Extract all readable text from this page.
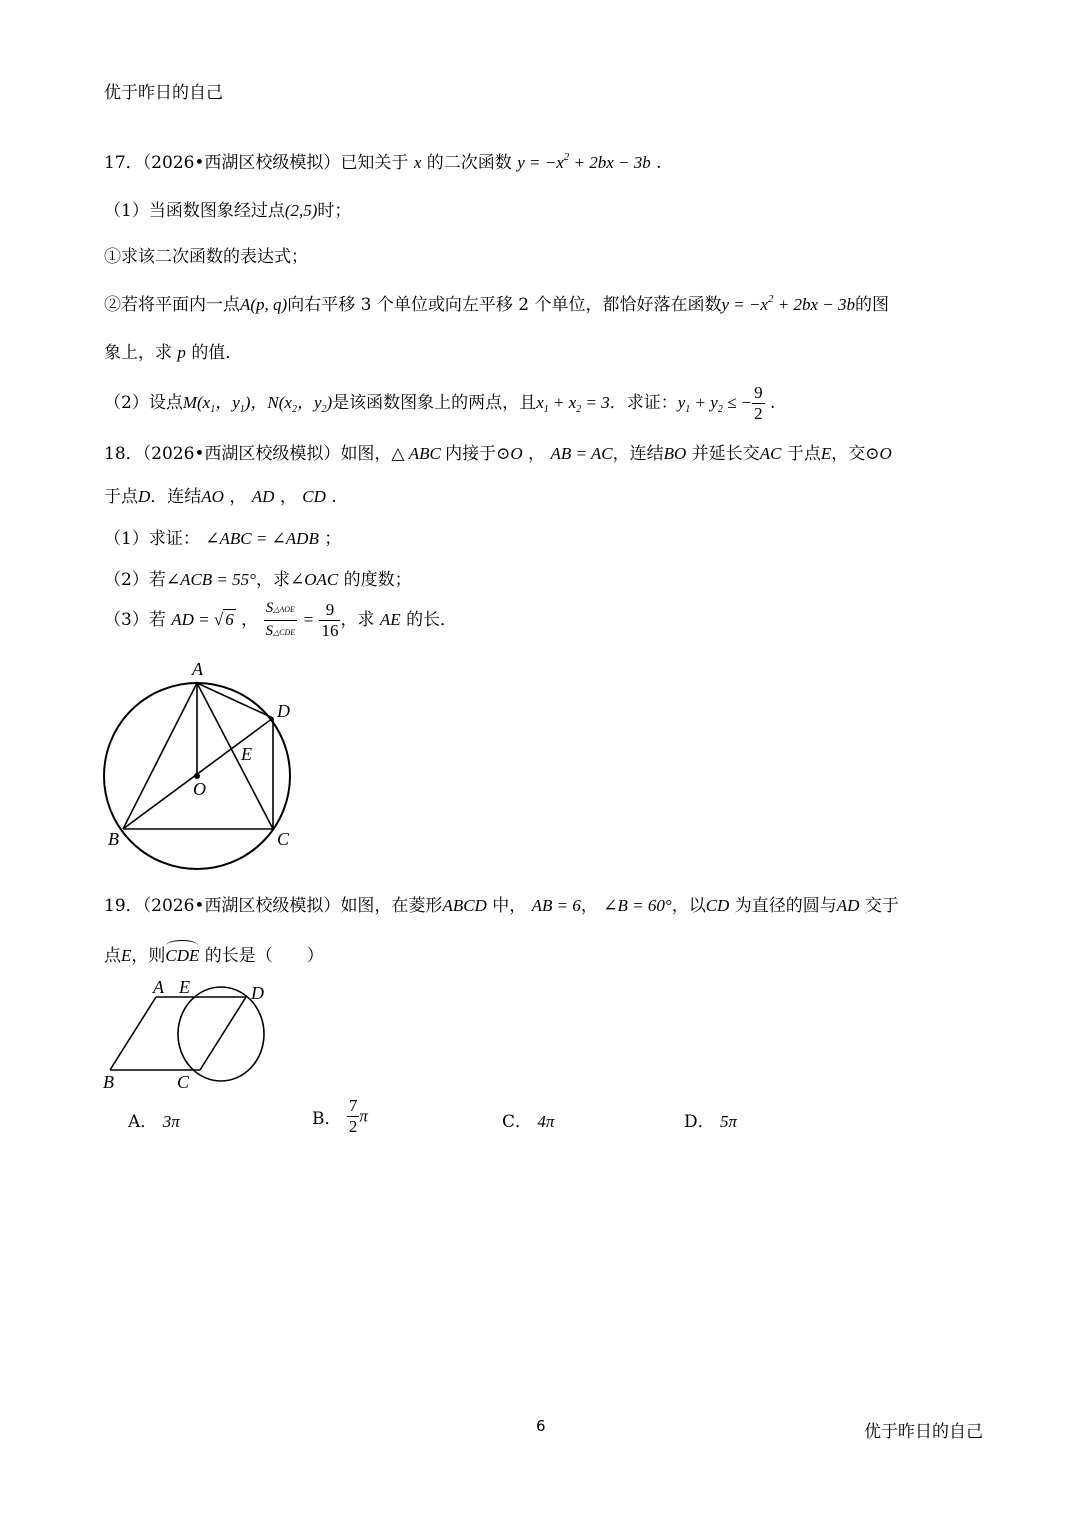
优于昨日的自己
17．（2026•西湖区校级模拟）已知关于 x 的二次函数 $y = -x^2 + 2bx - 3b$ .
（1）当函数图象经过点(2,5)时；
①求该二次函数的表达式；
②若将平面内一点A(p, q)向右平移 3 个单位或向左平移 2 个单位，都恰好落在函数$y = -x^2 + 2bx - 3b$的图
象上，求 p 的值．
（2）设点$M(x_1$，$y_1$)，$N(x_2$，$y_2$)是该函数图象上的两点，且$x_1 + x_2 = 3$．求证：$y_1 + y_2$ ≤ − $\frac{9}{2}$ .
18．（2026•西湖区校级模拟）如图，△ ABC 内接于⊙O ， AB = AC，连结BO 并延长交AC 于点E，交⊙O
于点D．连结AO ， AD ， CD .
（1）求证： ∠ABC = ∠ADB ；
（2）若∠ACB = 55°，求∠OAC 的度数；
（3）若 AD = √ 6 ， $\frac{\text{S△AOE}}{\text{S△CDE}} = \frac{9}{16}$ ，求 AE 的长．
A
D
E
O
B	C
19．（2026•西湖区校级模拟）如图，在菱形ABCD 中， AB = 6， ∠B = 60°，以CD 为直径的圆与AD 交于
点E，则CDE 的长是（　　）
A E	D
B	C
A． 3π	B． $\frac{7}{2}$ π	C． 4π	D． 5π
6	优于昨日的自己
